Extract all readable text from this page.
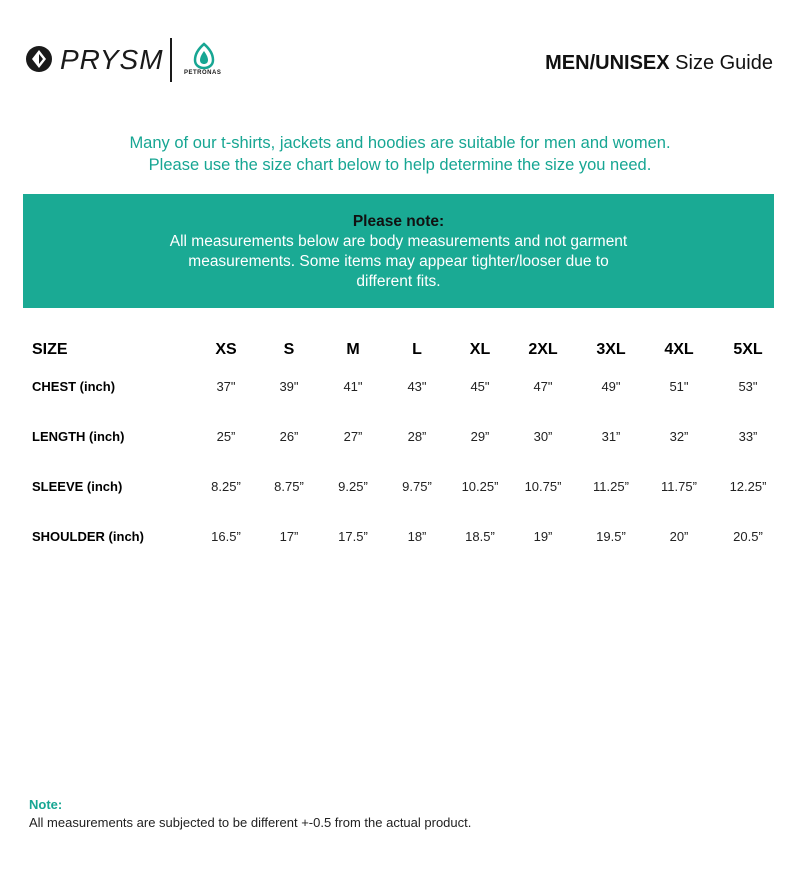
PRYSM	PETRONAS	MEN/UNISEX Size Guide
Many of our t-shirts, jackets and hoodies are suitable for men and women.
Please use the size chart below to help determine the size you need.
Please note:
All measurements below are body measurements and not garment
measurements. Some items may appear tighter/looser due to
different fits.
SIZE	XS	S	M	L	XL	2XL	3XL	4XL	5XL
CHEST (inch)	37"	39"	41"	43"	45"	47"	49"	51"	53"
LENGTH (inch)	25”	26”	27”	28”	29”	30”	31”	32”	33”
SLEEVE (inch)	8.25”	8.75”	9.25”	9.75”	10.25”	10.75”	11.25”	11.75”	12.25”
SHOULDER (inch)	16.5”	17”	17.5”	18”	18.5”	19”	19.5”	20”	20.5”
Note:
All measurements are subjected to be different +-0.5 from the actual product.
